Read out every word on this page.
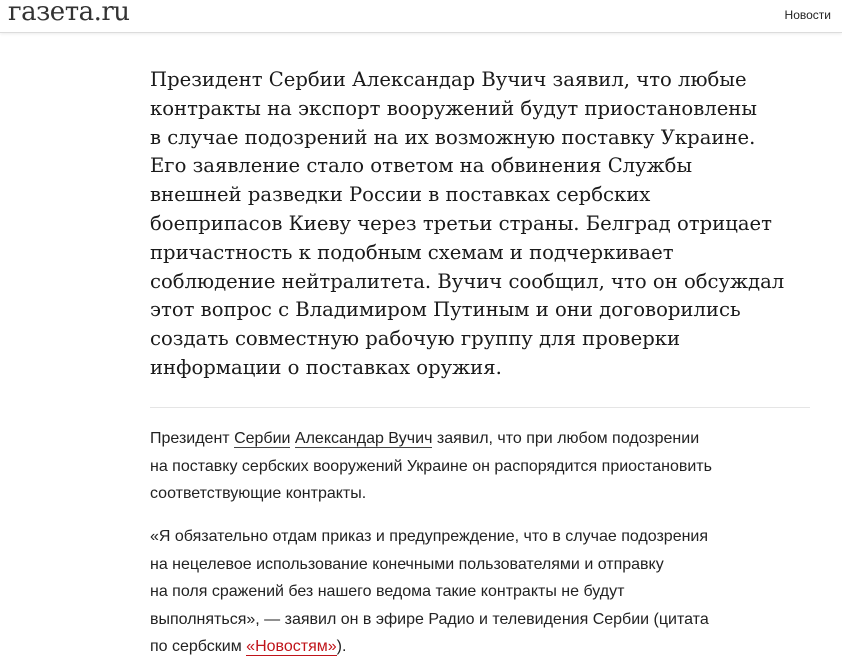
газета.ru	Новости
Президент Сербии Александар Вучич заявил, что любые
контракты на экспорт вооружений будут приостановлены
в случае подозрений на их возможную поставку Украине.
Его заявление стало ответом на обвинения Службы
внешней разведки России в поставках сербских
боеприпасов Киеву через третьи страны. Белград отрицает
причастность к подобным схемам и подчеркивает
соблюдение нейтралитета. Вучич сообщил, что он обсуждал
этот вопрос с Владимиром Путиным и они договорились
создать совместную рабочую группу для проверки
информации о поставках оружия.
Президент Сербии Александар Вучич заявил, что при любом подозрении
на поставку сербских вооружений Украине он распорядится приостановить
соответствующие контракты.
«Я обязательно отдам приказ и предупреждение, что в случае подозрения
на нецелевое использование конечными пользователями и отправку
на поля сражений без нашего ведома такие контракты не будут
выполняться», — заявил он в эфире Радио и телевидения Сербии (цитата
по сербским «Новостям»).
